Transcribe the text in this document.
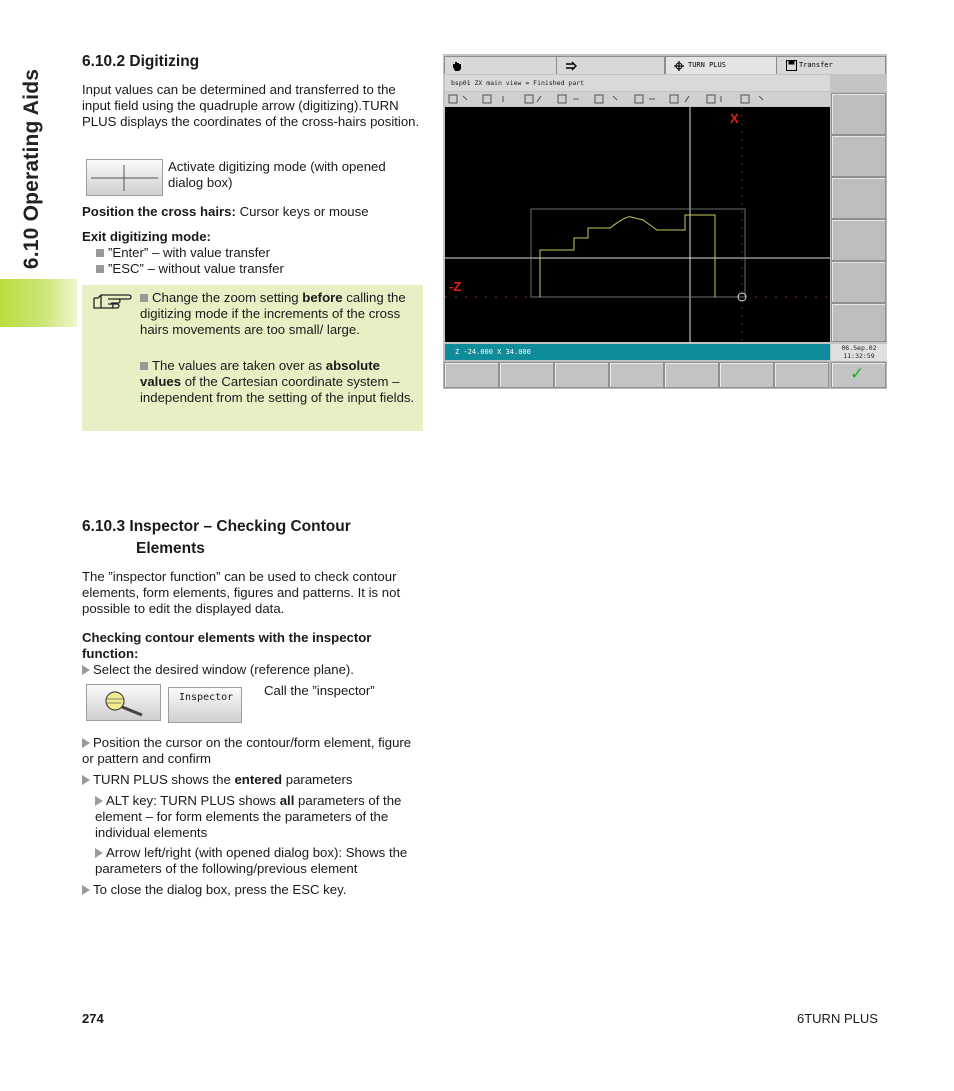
6.10 Operating Aids
6.10.2 Digitizing

Input values can be determined and transferred to the input field using the quadruple arrow (digitizing).TURN PLUS displays the coordinates of the cross-hairs position.

Activate digitizing mode (with opened dialog box)

Position the cross hairs: Cursor keys or mouse

Exit digitizing mode:

”Enter” – with value transfer

”ESC” – without value transfer

Change the zoom setting before calling the digitizing mode if the increments of the cross hairs movements are too small/ large.

The values are taken over as absolute values of the Cartesian coordinate system – independent from the setting of the input fields.

TURN PLUS	Transfer
bsp01 ZX main view = Finished part
X
-Z
Z -24.000 X 34.000	06.Sep.02
11:32:59
✓
6.10.3 Inspector – Checking Contour
Elements

The ”inspector function” can be used to check contour elements, form elements, figures and patterns. It is not possible to edit the displayed data.

Checking contour elements with the inspector function:

Select the desired window (reference plane).

Inspector Call the ”inspector”

Position the cursor on the contour/form element, figure or pattern and confirm

TURN PLUS shows the entered parameters

ALT key: TURN PLUS shows all parameters of the element – for form elements the parameters of the individual elements

Arrow left/right (with opened dialog box): Shows the parameters of the following/previous element

To close the dialog box, press the ESC key.

274	6TURN PLUS
